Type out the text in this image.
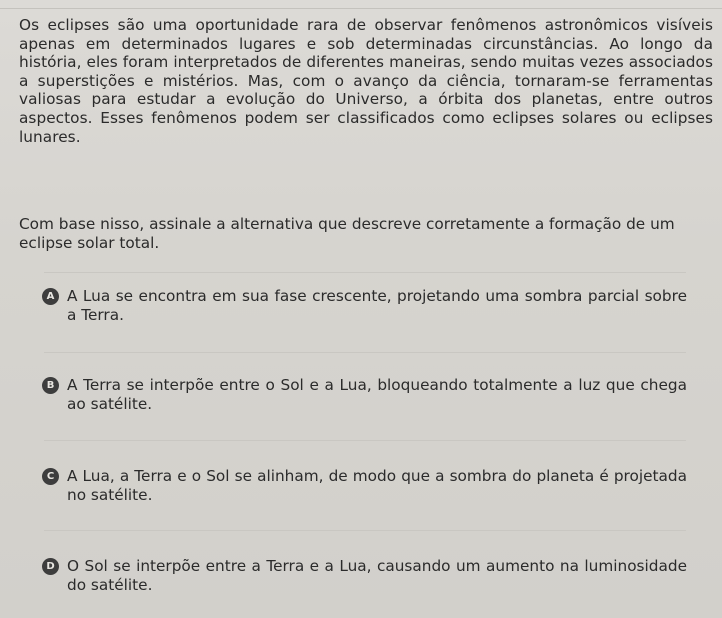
Os eclipses são uma oportunidade rara de observar fenômenos astronômicos visíveis apenas em determinados lugares e sob determinadas circunstâncias. Ao longo da história, eles foram interpretados de diferentes maneiras, sendo muitas vezes associados a superstições e mistérios. Mas, com o avanço da ciência, tornaram-se ferramentas valiosas para estudar a evolução do Universo, a órbita dos planetas, entre outros aspectos. Esses fenômenos podem ser classificados como eclipses solares ou eclipses lunares.
Com base nisso, assinale a alternativa que descreve corretamente a formação de um eclipse solar total.
A A Lua se encontra em sua fase crescente, projetando uma sombra parcial sobre a Terra.
B A Terra se interpõe entre o Sol e a Lua, bloqueando totalmente a luz que chega ao satélite.
C A Lua, a Terra e o Sol se alinham, de modo que a sombra do planeta é projetada no satélite.
D O Sol se interpõe entre a Terra e a Lua, causando um aumento na luminosidade do satélite.
